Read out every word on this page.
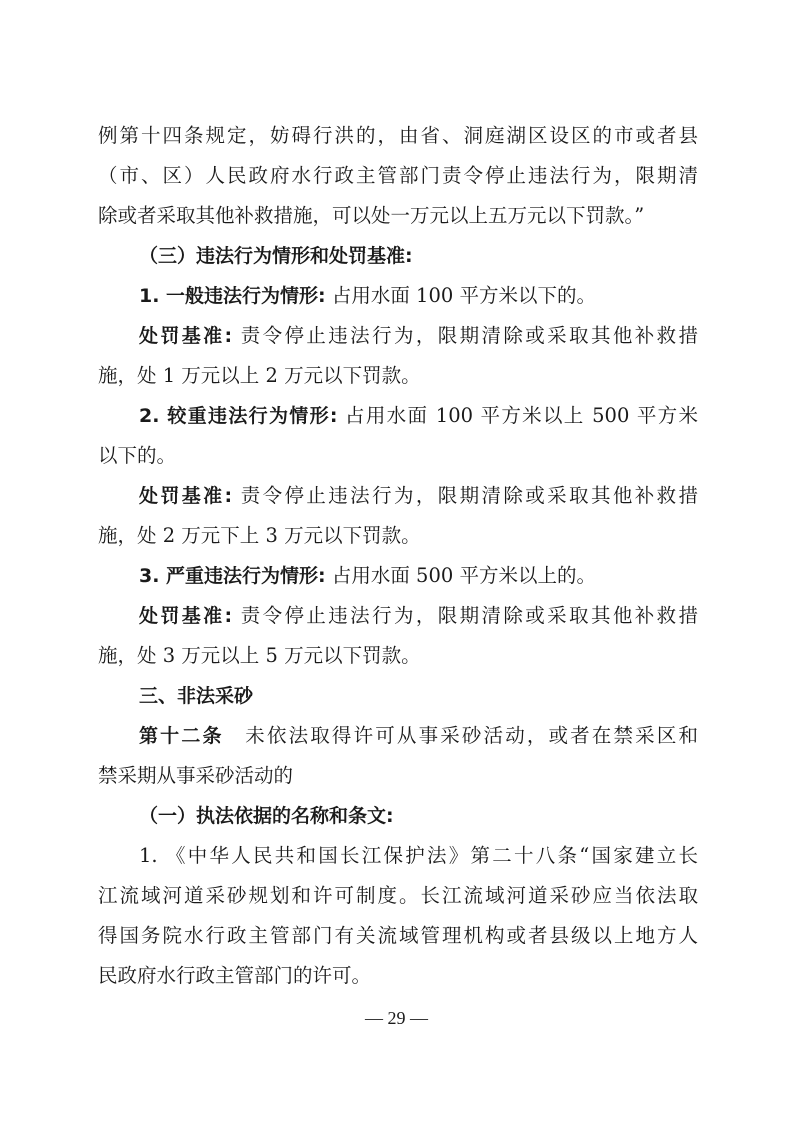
例第十四条规定，妨碍行洪的，由省、洞庭湖区设区的市或者县
（市、区）人民政府水行政主管部门责令停止违法行为，限期清
除或者采取其他补救措施，可以处一万元以上五万元以下罚款。”
（三）违法行为情形和处罚基准:
1. 一般违法行为情形: 占用水面 100 平方米以下的。
处罚基准: 责令停止违法行为，限期清除或采取其他补救措
施，处 1 万元以上 2 万元以下罚款。
2. 较重违法行为情形: 占用水面 100 平方米以上 500 平方米
以下的。
处罚基准: 责令停止违法行为，限期清除或采取其他补救措
施，处 2 万元下上 3 万元以下罚款。
3. 严重违法行为情形: 占用水面 500 平方米以上的。
处罚基准: 责令停止违法行为，限期清除或采取其他补救措
施，处 3 万元以上 5 万元以下罚款。
三、非法采砂
第十二条　未依法取得许可从事采砂活动，或者在禁采区和
禁采期从事采砂活动的
（一）执法依据的名称和条文:
1. 《中华人民共和国长江保护法》第二十八条“国家建立长
江流域河道采砂规划和许可制度。长江流域河道采砂应当依法取
得国务院水行政主管部门有关流域管理机构或者县级以上地方人
民政府水行政主管部门的许可。
— 29 —
